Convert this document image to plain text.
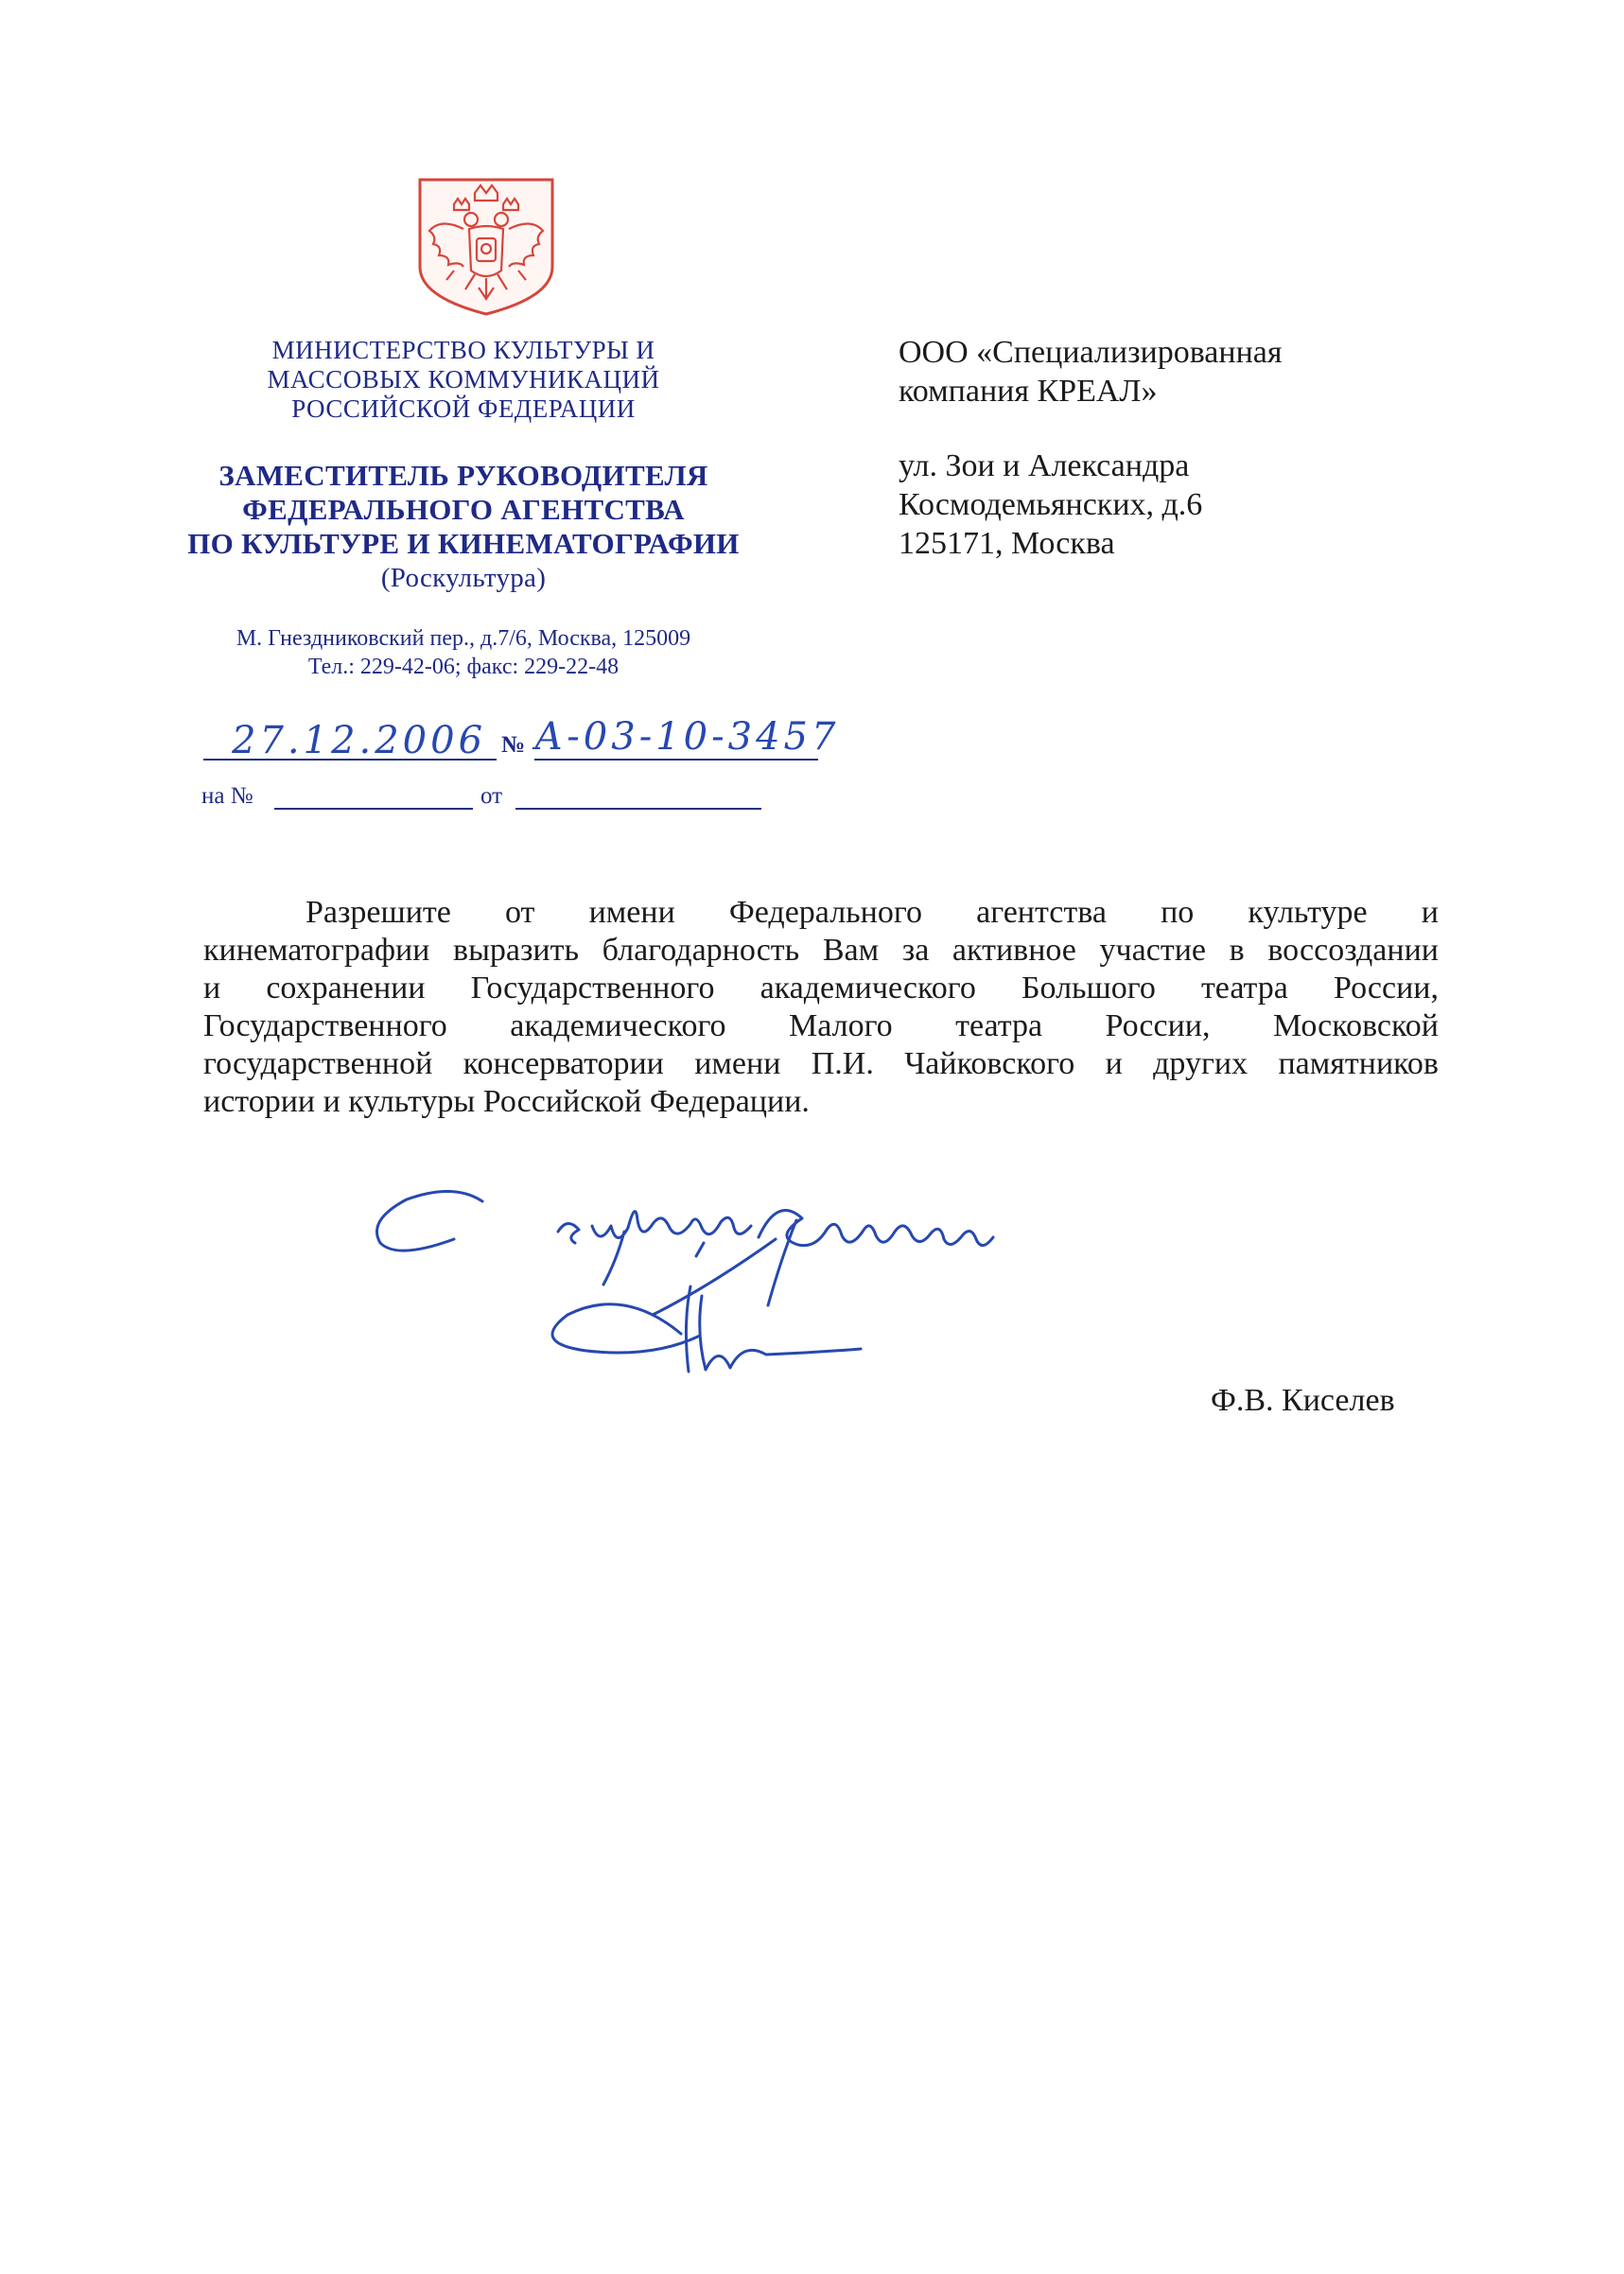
МИНИСТЕРСТВО КУЛЬТУРЫ И
МАССОВЫХ КОММУНИКАЦИЙ
РОССИЙСКОЙ ФЕДЕРАЦИИ
ЗАМЕСТИТЕЛЬ РУКОВОДИТЕЛЯ
ФЕДЕРАЛЬНОГО АГЕНТСТВА
ПО КУЛЬТУРЕ И КИНЕМАТОГРАФИИ
(Роскультура)
М. Гнездниковский пер., д.7/6, Москва, 125009
Тел.: 229-42-06; факс: 229-22-48
27.12.2006 № А-03-10-3457
на №	от
ООО «Специализированная
компания КРЕАЛ»
ул. Зои и Александра
Космодемьянских, д.6
125171, Москва
Разрешите от имени Федерального агентства по культуре и
кинематографии выразить благодарность Вам за активное участие в воссоздании
и сохранении Государственного академического Большого театра России,
Государственного академического Малого театра России, Московской
государственной консерватории имени П.И. Чайковского и других памятников
истории и культуры Российской Федерации.
Ф.В. Киселев
